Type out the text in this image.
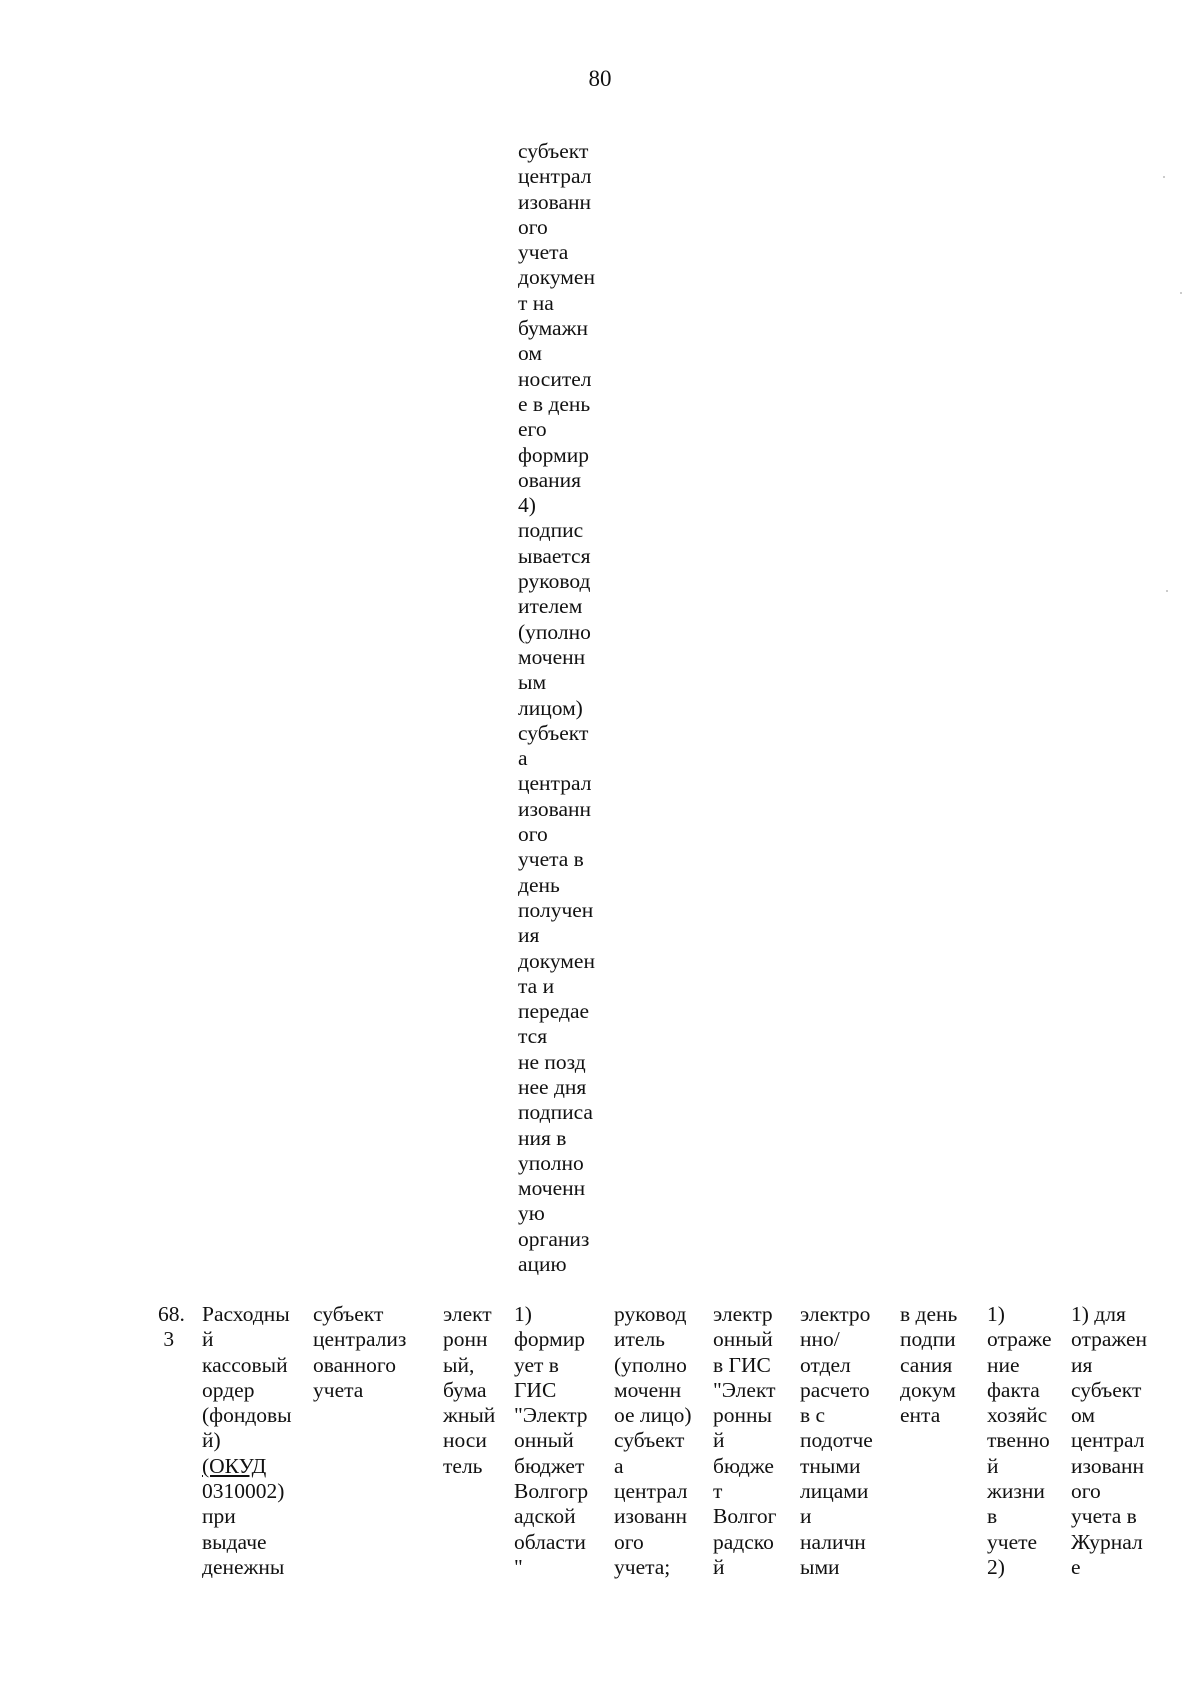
80
субъект
централ
изованн
ого
учета
докумен
т на
бумажн
ом
носител
е в день
его
формир
ования
4)
подпис
ывается
руковод
ителем
(уполно
моченн
ым
лицом)
субъект
а
централ
изованн
ого
учета в
день
получен
ия
докумен
та и
передае
тся
не позд
нее дня
подписа
ния в
уполно
моченн
ую
организ
ацию
68.
3
Расходны
й
кассовый
ордер
(фондовы
й)
(ОКУД
0310002)
при
выдаче
денежны
субъект
централиз
ованного
учета
элект
ронн
ый,
бума
жный
носи
тель
1)
формир
ует в
ГИС
"Электр
онный
бюджет
Волгогр
адской
области
"
руковод
итель
(уполно
моченн
ое лицо)
субъект
а
централ
изованн
ого
учета;
электр
онный
в ГИС
"Элект
ронны
й
бюдже
т
Волгог
радско
й
электро
нно/
отдел
расчето
в с
подотче
тными
лицами
и
наличн
ыми
в день
подпи
сания
докум
ента
1)
отраже
ние
факта
хозяйс
твенно
й
жизни
в
учете
2)
1) для
отражен
ия
субъект
ом
централ
изованн
ого
учета в
Журнал
е
